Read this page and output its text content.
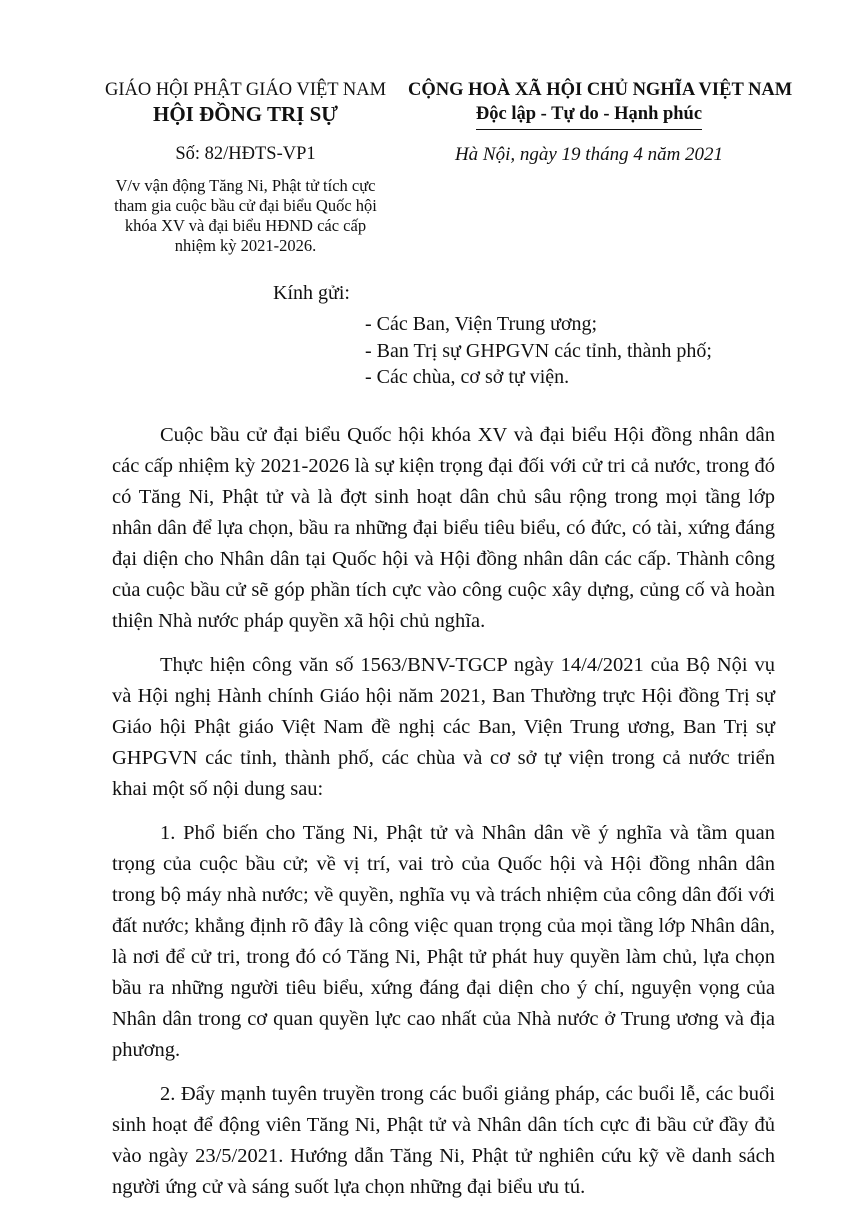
GIÁO HỘI PHẬT GIÁO VIỆT NAM
HỘI ĐỒNG TRỊ SỰ
Số: 82/HĐTS-VP1
V/v vận động Tăng Ni, Phật tử tích cực
tham gia cuộc bầu cử đại biểu Quốc hội
khóa XV và đại biểu HĐND các cấp
nhiệm kỳ 2021-2026.
CỘNG HOÀ XÃ HỘI CHỦ NGHĨA VIỆT NAM
Độc lập - Tự do - Hạnh phúc
Hà Nội, ngày 19 tháng 4 năm 2021
Kính gửi:
- Các Ban, Viện Trung ương;
- Ban Trị sự GHPGVN các tỉnh, thành phố;
- Các chùa, cơ sở tự viện.

Cuộc bầu cử đại biểu Quốc hội khóa XV và đại biểu Hội đồng nhân dân các cấp nhiệm kỳ 2021-2026 là sự kiện trọng đại đối với cử tri cả nước, trong đó có Tăng Ni, Phật tử và là đợt sinh hoạt dân chủ sâu rộng trong mọi tầng lớp nhân dân để lựa chọn, bầu ra những đại biểu tiêu biểu, có đức, có tài, xứng đáng đại diện cho Nhân dân tại Quốc hội và Hội đồng nhân dân các cấp. Thành công của cuộc bầu cử sẽ góp phần tích cực vào công cuộc xây dựng, củng cố và hoàn thiện Nhà nước pháp quyền xã hội chủ nghĩa.

Thực hiện công văn số 1563/BNV-TGCP ngày 14/4/2021 của Bộ Nội vụ và Hội nghị Hành chính Giáo hội năm 2021, Ban Thường trực Hội đồng Trị sự Giáo hội Phật giáo Việt Nam đề nghị các Ban, Viện Trung ương, Ban Trị sự GHPGVN các tỉnh, thành phố, các chùa và cơ sở tự viện trong cả nước triển khai một số nội dung sau:

1. Phổ biến cho Tăng Ni, Phật tử và Nhân dân về ý nghĩa và tầm quan trọng của cuộc bầu cử; về vị trí, vai trò của Quốc hội và Hội đồng nhân dân trong bộ máy nhà nước; về quyền, nghĩa vụ và trách nhiệm của công dân đối với đất nước; khẳng định rõ đây là công việc quan trọng của mọi tầng lớp Nhân dân, là nơi để cử tri, trong đó có Tăng Ni, Phật tử phát huy quyền làm chủ, lựa chọn bầu ra những người tiêu biểu, xứng đáng đại diện cho ý chí, nguyện vọng của Nhân dân trong cơ quan quyền lực cao nhất của Nhà nước ở Trung ương và địa phương.

2. Đẩy mạnh tuyên truyền trong các buổi giảng pháp, các buổi lễ, các buổi sinh hoạt để động viên Tăng Ni, Phật tử và Nhân dân tích cực đi bầu cử đầy đủ vào ngày 23/5/2021. Hướng dẫn Tăng Ni, Phật tử nghiên cứu kỹ về danh sách người ứng cử và sáng suốt lựa chọn những đại biểu ưu tú.
